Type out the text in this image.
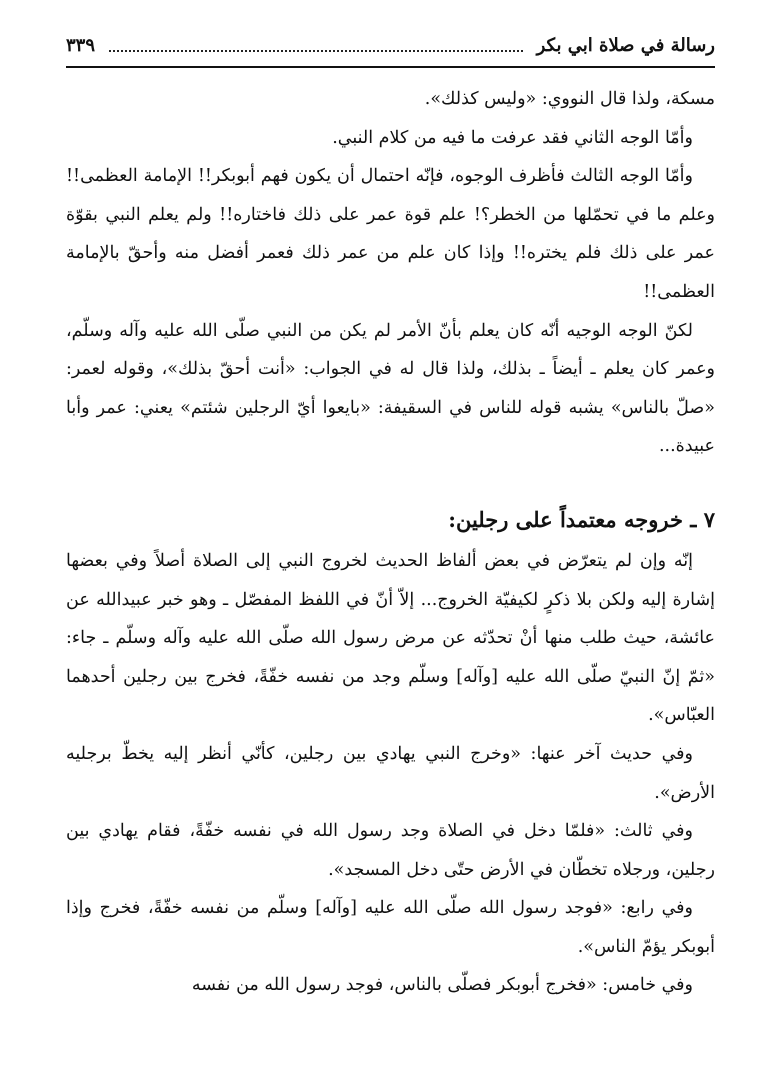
رسالة في صلاة ابي بكر
٣٣٩

مسكة، ولذا قال النووي: «وليس كذلك».

وأمّا الوجه الثاني فقد عرفت ما فيه من كلام النبي.

وأمّا الوجه الثالث فأظرف الوجوه، فإنّه احتمال أن يكون فهم أبوبكر!! الإمامة العظمى!! وعلم ما في تحمّلها من الخطر؟! علم قوة عمر على ذلك فاختاره!! ولم يعلم النبي بقوّة عمر على ذلك فلم يختره!! وإذا كان علم من عمر ذلك فعمر أفضل منه وأحقّ بالإمامة العظمى!!

لكنّ الوجه الوجيه أنّه كان يعلم بأنّ الأمر لم يكن من النبي صلّى الله عليه وآله وسلّم، وعمر كان يعلم ـ أيضاً ـ بذلك، ولذا قال له في الجواب: «أنت أحقّ بذلك»، وقوله لعمر: «صلّ بالناس» يشبه قوله للناس في السقيفة: «بايعوا أيّ الرجلين شئتم» يعني: عمر وأبا عبيدة...

٧ ـ خروجه معتمداً على رجلين:

إنّه وإن لم يتعرّض في بعض ألفاظ الحديث لخروج النبي إلى الصلاة أصلاً وفي بعضها إشارة إليه ولكن بلا ذكرٍ لكيفيّة الخروج... إلاّ أنّ في اللفظ المفصّل ـ وهو خبر عبيدالله عن عائشة، حيث طلب منها أنْ تحدّثه عن مرض رسول الله صلّى الله عليه وآله وسلّم ـ جاء: «ثمّ إنّ النبيّ صلّى الله عليه [وآله] وسلّم وجد من نفسه خفّةً، فخرج بين رجلين أحدهما العبّاس».

وفي حديث آخر عنها: «وخرج النبي يهادي بين رجلين، كأنّي أنظر إليه يخطّ برجليه الأرض».

وفي ثالث: «فلمّا دخل في الصلاة وجد رسول الله في نفسه خفّةً، فقام يهادي بين رجلين، ورجلاه تخطّان في الأرض حتّى دخل المسجد».

وفي رابع: «فوجد رسول الله صلّى الله عليه [وآله] وسلّم من نفسه خفّةً، فخرج وإذا أبوبكر يؤمّ الناس».

وفي خامس: «فخرج أبوبكر فصلّى بالناس، فوجد رسول الله من نفسه
